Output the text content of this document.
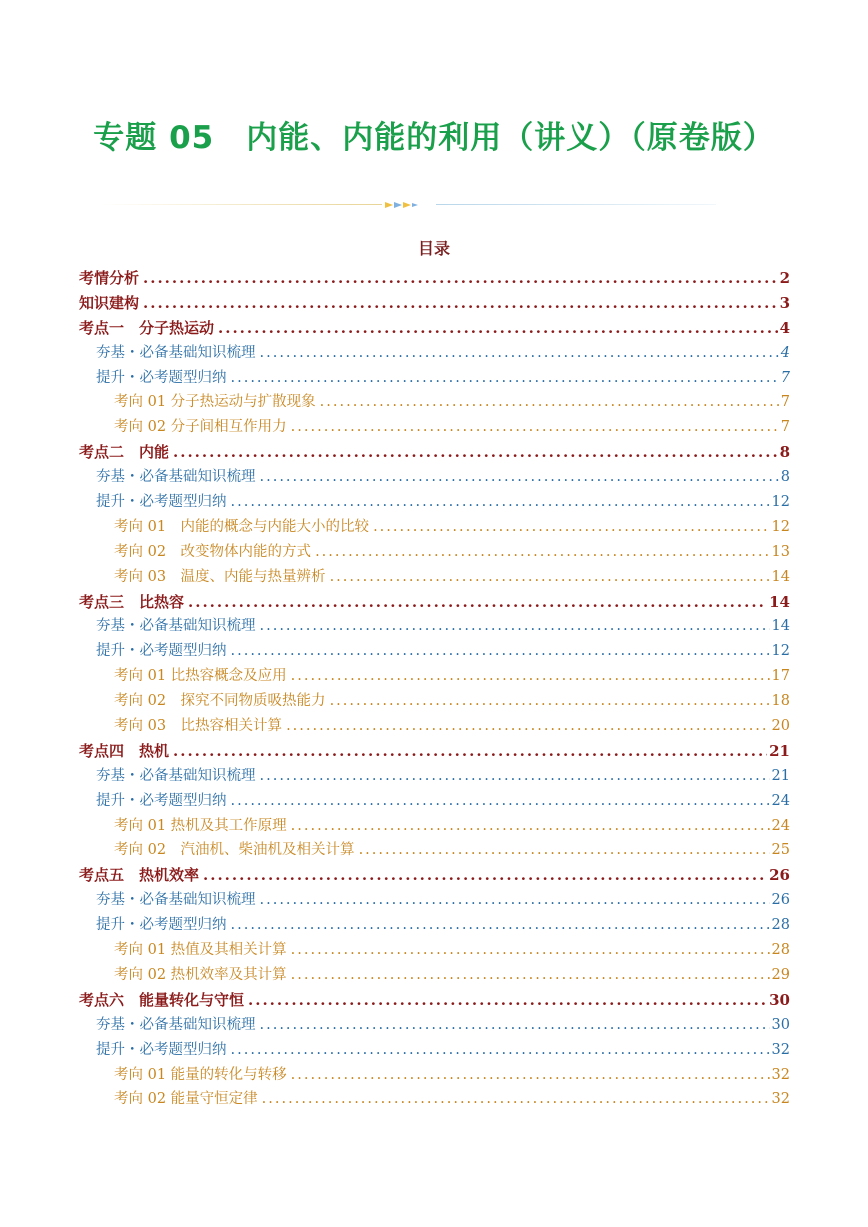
专题 05　内能、内能的利用（讲义）（原卷版）
目录
考情分析 .....	2
知识建构 .....	3
考点一　分子热运动 .....	4
夯基・必备基础知识梳理 .....	4
提升・必考题型归纳 .....	7
考向 01 分子热运动与扩散现象 .....	7
考向 02 分子间相互作用力 .....	7
考点二　内能 .....	8
夯基・必备基础知识梳理 .....	8
提升・必考题型归纳 .....	12
考向 01　内能的概念与内能大小的比较 .....	12
考向 02　改变物体内能的方式 .....	13
考向 03　温度、内能与热量辨析 .....	14
考点三　比热容 .....	14
夯基・必备基础知识梳理 .....	14
提升・必考题型归纳 .....	12
考向 01 比热容概念及应用 .....	17
考向 02　探究不同物质吸热能力 .....	18
考向 03　比热容相关计算 .....	20
考点四　热机 .....	21
夯基・必备基础知识梳理 .....	21
提升・必考题型归纳 .....	24
考向 01 热机及其工作原理 .....	24
考向 02　汽油机、柴油机及相关计算 .....	25
考点五　热机效率 .....	26
夯基・必备基础知识梳理 .....	26
提升・必考题型归纳 .....	28
考向 01 热值及其相关计算 .....	28
考向 02 热机效率及其计算 .....	29
考点六　能量转化与守恒 .....	30
夯基・必备基础知识梳理 .....	30
提升・必考题型归纳 .....	32
考向 01 能量的转化与转移 .....	32
考向 02 能量守恒定律 .....	32
